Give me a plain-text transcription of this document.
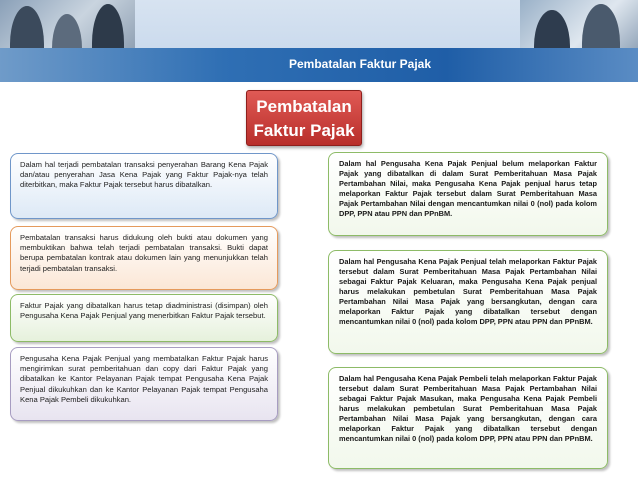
Pembatalan Faktur Pajak
Pembatalan
Faktur Pajak
Dalam hal terjadi pembatalan transaksi penyerahan Barang Kena Pajak dan/atau penyerahan Jasa Kena Pajak yang Faktur Pajak-nya telah diterbitkan, maka Faktur Pajak tersebut harus dibatalkan.
Pembatalan transaksi harus didukung oleh bukti atau dokumen yang membuktikan bahwa telah terjadi pembatalan transaksi. Bukti dapat berupa pembatalan kontrak atau dokumen lain yang menunjukkan telah terjadi pembatalan transaksi.
Faktur Pajak yang dibatalkan harus tetap diadministrasi (disimpan) oleh Pengusaha Kena Pajak Penjual yang menerbitkan Faktur Pajak tersebut.
Pengusaha Kena Pajak Penjual yang membatalkan Faktur Pajak harus mengirimkan surat pemberitahuan dan copy dari Faktur Pajak yang dibatalkan ke Kantor Pelayanan Pajak tempat Pengusaha Kena Pajak Penjual dikukuhkan dan ke Kantor Pelayanan Pajak tempat Pengusaha Kena Pajak Pembeli dikukuhkan.
Dalam hal Pengusaha Kena Pajak Penjual belum melaporkan Faktur Pajak yang dibatalkan di dalam Surat Pemberitahuan Masa Pajak Pertambahan Nilai, maka Pengusaha Kena Pajak penjual harus tetap melaporkan Faktur Pajak tersebut dalam Surat Pemberitahuan Masa Pajak Pertambahan Nilai dengan mencantumkan nilai 0 (nol) pada kolom DPP, PPN atau PPN dan PPnBM.
Dalam hal Pengusaha Kena Pajak Penjual telah melaporkan Faktur Pajak tersebut dalam Surat Pemberitahuan Masa Pajak Pertambahan Nilai sebagai Faktur Pajak Keluaran, maka Pengusaha Kena Pajak penjual harus melakukan pembetulan Surat Pemberitahuan Masa Pajak Pertambahan Nilai Masa Pajak yang bersangkutan, dengan cara melaporkan Faktur Pajak yang dibatalkan tersebut dengan mencantumkan nilai 0 (nol) pada kolom DPP, PPN atau PPN dan PPnBM.
Dalam hal Pengusaha Kena Pajak Pembeli telah melaporkan Faktur Pajak tersebut dalam Surat Pemberitahuan Masa Pajak Pertambahan Nilai sebagai Faktur Pajak Masukan, maka Pengusaha Kena Pajak Pembeli harus melakukan pembetulan Surat Pemberitahuan Masa Pajak Pertambahan Nilai Masa Pajak yang bersangkutan, dengan cara melaporkan Faktur Pajak yang dibatalkan tersebut dengan mencantumkan nilai 0 (nol) pada kolom DPP, PPN atau PPN dan PPnBM.
